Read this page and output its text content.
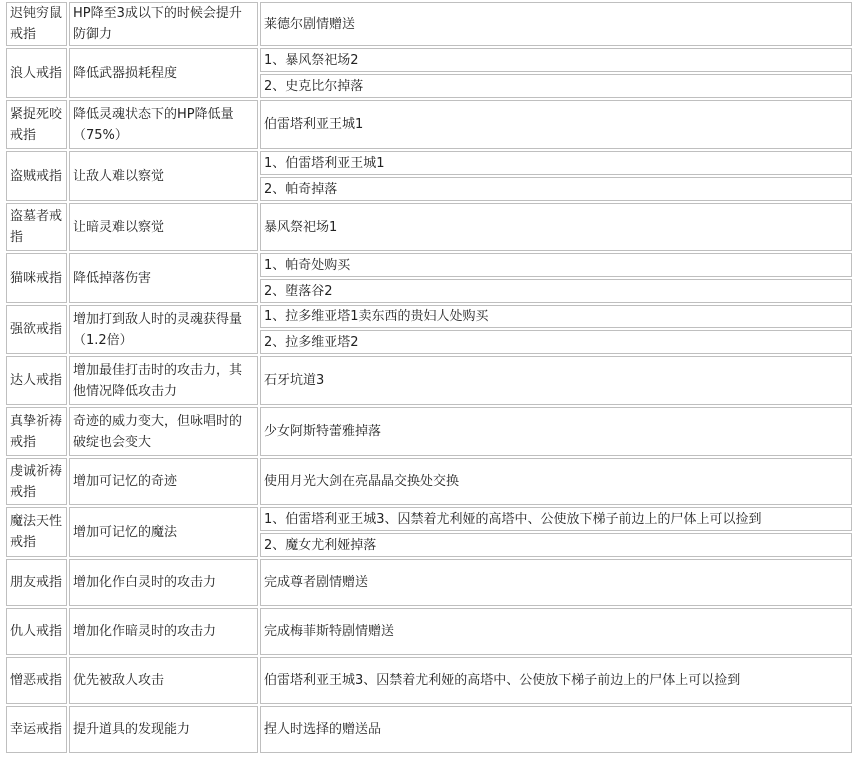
迟钝穷鼠戒指	HP降至3成以下的时候会提升防御力	莱德尔剧情赠送
浪人戒指	降低武器损耗程度	1、暴风祭祀场2
		2、史克比尔掉落
紧捉死咬戒指	降低灵魂状态下的HP降低量（75%）	伯雷塔利亚王城1
盗贼戒指	让敌人难以察觉	1、伯雷塔利亚王城1
		2、帕奇掉落
盗墓者戒指	让暗灵难以察觉	暴风祭祀场1
猫咪戒指	降低掉落伤害	1、帕奇处购买
		2、堕落谷2
强欲戒指	增加打到敌人时的灵魂获得量（1.2倍）	1、拉多维亚塔1卖东西的贵妇人处购买
		2、拉多维亚塔2
达人戒指	增加最佳打击时的攻击力，其他情况降低攻击力	石牙坑道3
真挚祈祷戒指	奇迹的威力变大，但咏唱时的破绽也会变大	少女阿斯特蕾雅掉落
虔诚祈祷戒指	增加可记忆的奇迹	使用月光大剑在亮晶晶交换处交换
魔法天性戒指	增加可记忆的魔法	1、伯雷塔利亚王城3、囚禁着尤利娅的高塔中、公使放下梯子前边上的尸体上可以捡到
		2、魔女尤利娅掉落
朋友戒指	增加化作白灵时的攻击力	完成尊者剧情赠送
仇人戒指	增加化作暗灵时的攻击力	完成梅菲斯特剧情赠送
憎恶戒指	优先被敌人攻击	伯雷塔利亚王城3、囚禁着尤利娅的高塔中、公使放下梯子前边上的尸体上可以捡到
幸运戒指	提升道具的发现能力	捏人时选择的赠送品
